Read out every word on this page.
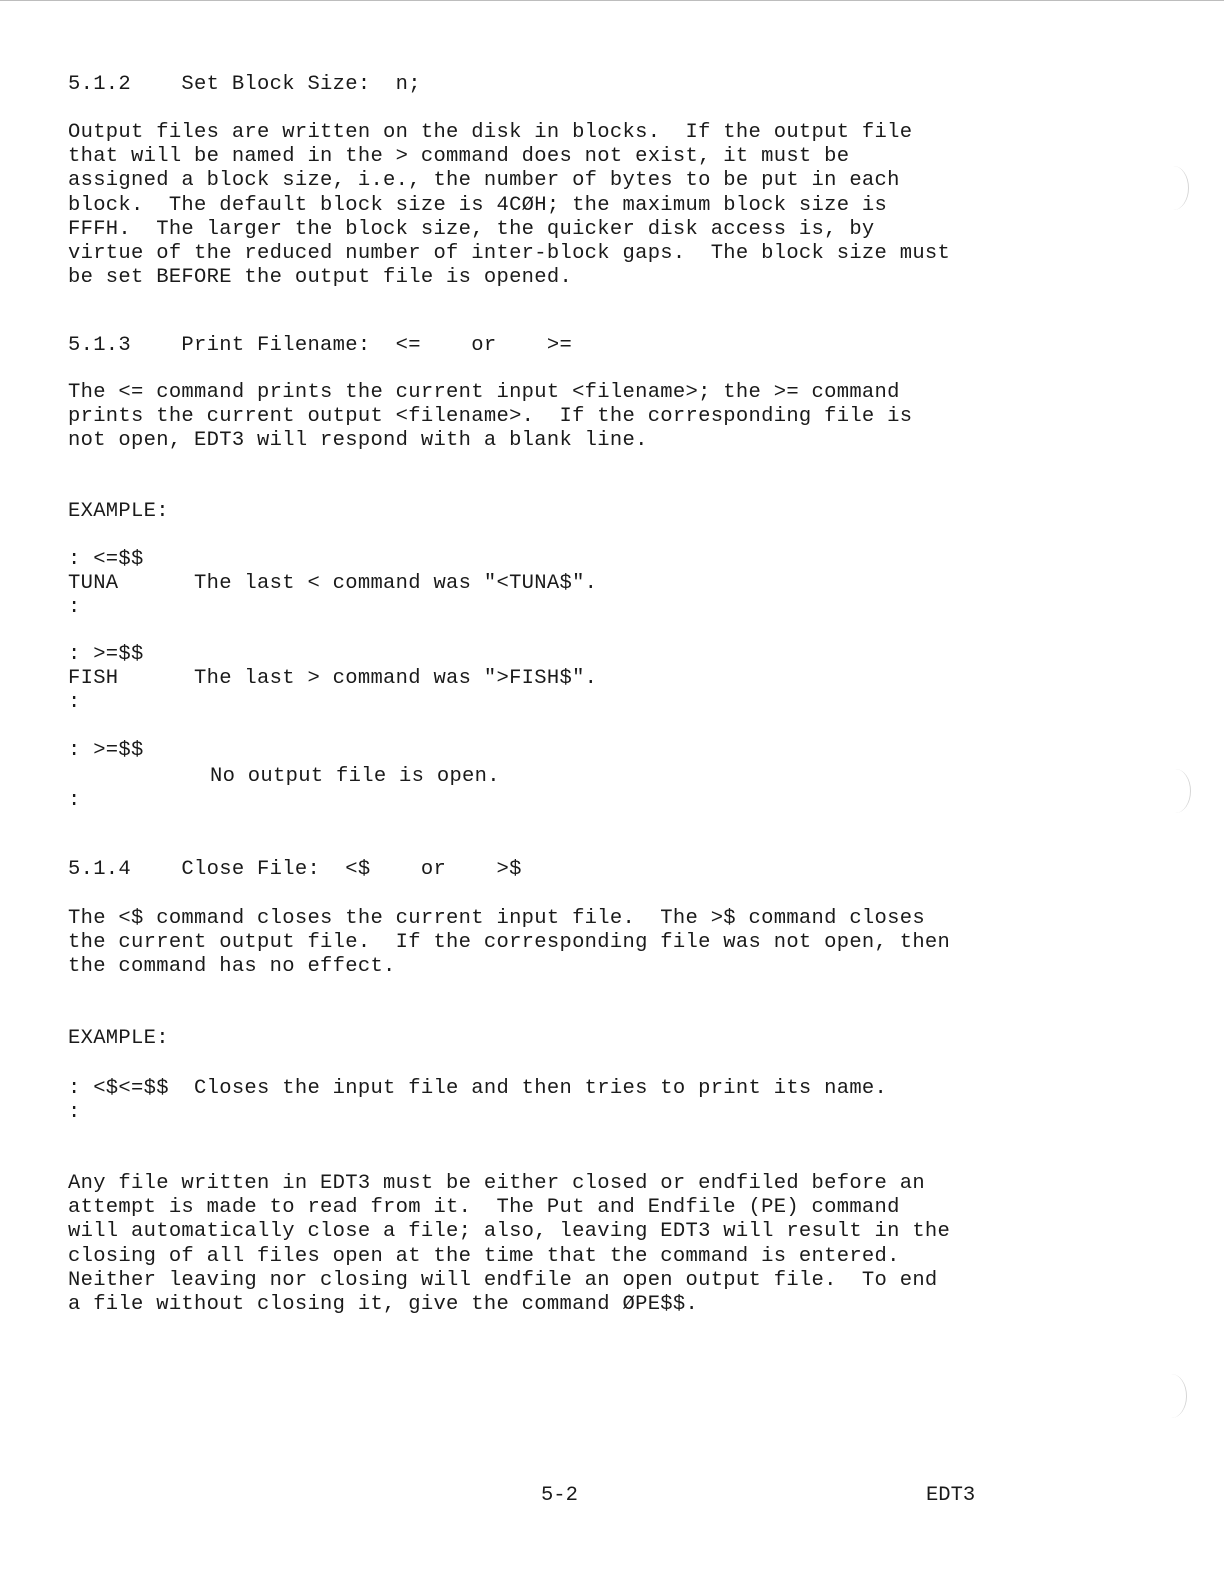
5.1.2    Set Block Size:  n;

Output files are written on the disk in blocks.  If the output file
that will be named in the > command does not exist, it must be
assigned a block size, i.e., the number of bytes to be put in each
block.  The default block size is 4CØH; the maximum block size is
FFFH.  The larger the block size, the quicker disk access is, by
virtue of the reduced number of inter-block gaps.  The block size must
be set BEFORE the output file is opened.

5.1.3    Print Filename:  <=    or    >=

The <= command prints the current input <filename>; the >= command
prints the current output <filename>.  If the corresponding file is
not open, EDT3 will respond with a blank line.

EXAMPLE:

: <=$$
TUNA      The last < command was "<TUNA$".
:

: >=$$
FISH      The last > command was ">FISH$".
:

: >=$$

No output file is open.

:

5.1.4    Close File:  <$    or    >$

The <$ command closes the current input file.  The >$ command closes
the current output file.  If the corresponding file was not open, then
the command has no effect.

EXAMPLE:

: <$<=$$  Closes the input file and then tries to print its name.
:

Any file written in EDT3 must be either closed or endfiled before an
attempt is made to read from it.  The Put and Endfile (PE) command
will automatically close a file; also, leaving EDT3 will result in the
closing of all files open at the time that the command is entered.
Neither leaving nor closing will endfile an open output file.  To end
a file without closing it, give the command ØPE$$.

5-2	EDT3
